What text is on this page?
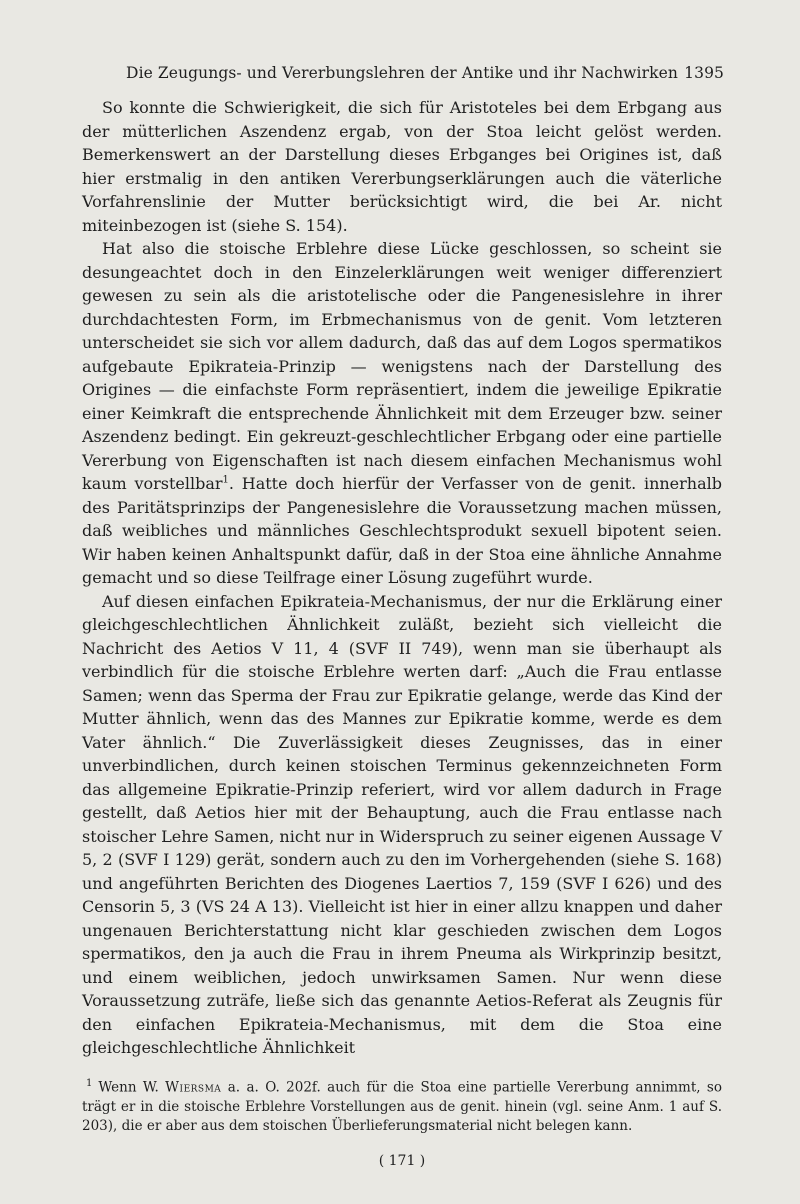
Die Zeugungs- und Vererbungslehren der Antike und ihr Nachwirken 1395

So konnte die Schwierigkeit, die sich für Aristoteles bei dem Erbgang aus der mütterlichen Aszendenz ergab, von der Stoa leicht gelöst werden. Bemerkenswert an der Darstellung dieses Erbganges bei Origines ist, daß hier erstmalig in den antiken Vererbungserklärungen auch die väterliche Vorfahrenslinie der Mutter berücksichtigt wird, die bei Ar. nicht miteinbezogen ist (siehe S. 154).

Hat also die stoische Erblehre diese Lücke geschlossen, so scheint sie desungeachtet doch in den Einzelerklärungen weit weniger differenziert gewesen zu sein als die aristotelische oder die Pangenesislehre in ihrer durchdachtesten Form, im Erbmechanismus von de genit. Vom letzteren unterscheidet sie sich vor allem dadurch, daß das auf dem Logos spermatikos aufgebaute Epikrateia-Prinzip — wenigstens nach der Darstellung des Origines — die einfachste Form repräsentiert, indem die jeweilige Epikratie einer Keimkraft die entsprechende Ähnlichkeit mit dem Erzeuger bzw. seiner Aszendenz bedingt. Ein gekreuzt-geschlechtlicher Erbgang oder eine partielle Vererbung von Eigenschaften ist nach diesem einfachen Mechanismus wohl kaum vorstellbar$^1$. Hatte doch hierfür der Verfasser von de genit. innerhalb des Paritätsprinzips der Pangenesislehre die Voraussetzung machen müssen, daß weibliches und männliches Geschlechtsprodukt sexuell bipotent seien. Wir haben keinen Anhaltspunkt dafür, daß in der Stoa eine ähnliche Annahme gemacht und so diese Teilfrage einer Lösung zugeführt wurde.

Auf diesen einfachen Epikrateia-Mechanismus, der nur die Erklärung einer gleichgeschlechtlichen Ähnlichkeit zuläßt, bezieht sich vielleicht die Nachricht des Aetios V 11, 4 (SVF II 749), wenn man sie überhaupt als verbindlich für die stoische Erblehre werten darf: „Auch die Frau entlasse Samen; wenn das Sperma der Frau zur Epikratie gelange, werde das Kind der Mutter ähnlich, wenn das des Mannes zur Epikratie komme, werde es dem Vater ähnlich.“ Die Zuverlässigkeit dieses Zeugnisses, das in einer unverbindlichen, durch keinen stoischen Terminus gekennzeichneten Form das allgemeine Epikratie-Prinzip referiert, wird vor allem dadurch in Frage gestellt, daß Aetios hier mit der Behauptung, auch die Frau entlasse nach stoischer Lehre Samen, nicht nur in Widerspruch zu seiner eigenen Aussage V 5, 2 (SVF I 129) gerät, sondern auch zu den im Vorhergehenden (siehe S. 168) und angeführten Berichten des Diogenes Laertios 7, 159 (SVF I 626) und des Censorin 5, 3 (VS 24 A 13). Vielleicht ist hier in einer allzu knappen und daher ungenauen Berichterstattung nicht klar geschieden zwischen dem Logos spermatikos, den ja auch die Frau in ihrem Pneuma als Wirkprinzip besitzt, und einem weiblichen, jedoch unwirksamen Samen. Nur wenn diese Voraussetzung zuträfe, ließe sich das genannte Aetios-Referat als Zeugnis für den einfachen Epikrateia-Mechanismus, mit dem die Stoa eine gleichgeschlechtliche Ähnlichkeit

$^1$ Wenn W. Wiersma a. a. O. 202f. auch für die Stoa eine partielle Vererbung annimmt, so trägt er in die stoische Erblehre Vorstellungen aus de genit. hinein (vgl. seine Anm. 1 auf S. 203), die er aber aus dem stoischen Überlieferungsmaterial nicht belegen kann.
( 171 )
